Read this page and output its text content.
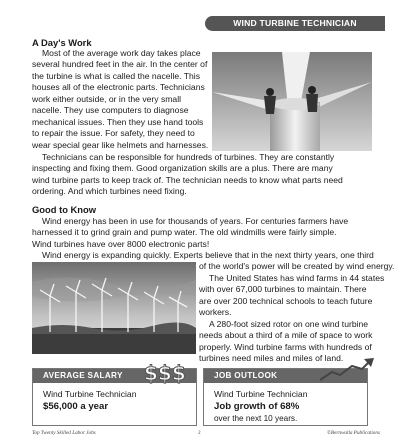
WIND TURBINE TECHNICIAN
A Day's Work
Most of the average work day takes place
several hundred feet in the air. In the center of
the turbine is what is called the nacelle. This
houses all of the electronic parts. Technicians
work either outside, or in the very small
nacelle. They use computers to diagnose
mechanical issues. Then they use hand tools
to repair the issue. For safety, they need to
wear special gear like helmets and harnesses.
Technicians can be responsible for hundreds of turbines. They are constantly
inspecting and fixing them. Good organization skills are a plus. There are many
wind turbine parts to keep track of. The technician needs to know what parts need
ordering. And which turbines need fixing.
Good to Know
Wind energy has been in use for thousands of years. For centuries farmers have
harnessed it to grind grain and pump water. The old windmills were fairly simple.
Wind turbines have over 8000 electronic parts!
Wind energy is expanding quickly. Experts believe that in the next thirty years, one third
of the world's power will be created by wind energy.
The United States has wind farms in 44 states
with over 67,000 turbines to maintain. There
are over 200 technical schools to teach future
workers.
A 280-foot sized rotor on one wind turbine
needs about a third of a mile of space to work
properly. Wind turbine farms with hundreds of
turbines need miles and miles of land.
AVERAGE SALARY
Wind Turbine Technician
$56,000 a year
$$$	JOB OUTLOOK
Wind Turbine Technician
Job growth of 68%
over the next 10 years.
Top Twenty Skilled Labor Jobs	2	©Bernwalla Publications
